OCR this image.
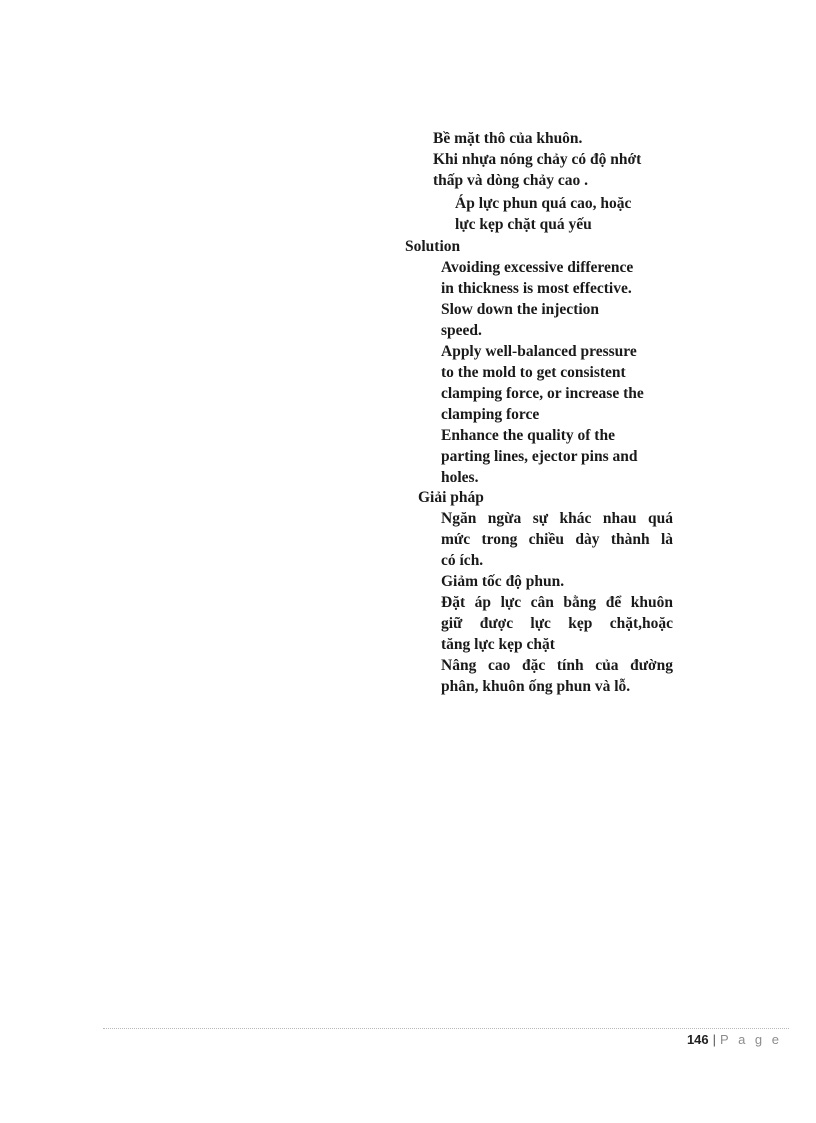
Bề mặt thô của khuôn.
Khi nhựa nóng chảy có độ nhớt
thấp và dòng chảy cao .
Áp lực phun quá cao, hoặc
lực kẹp chặt quá yếu
Solution
Avoiding excessive difference
in thickness is most effective.
Slow down the injection
speed.
Apply well-balanced pressure
to the mold to get consistent
clamping force, or increase the
clamping force
Enhance the quality of the
parting lines, ejector pins and
holes.
Giải pháp
Ngăn ngừa sự khác nhau quá
mức trong chiều dày thành là
có ích.
Giảm tốc độ phun.
Đặt áp lực cân bằng để khuôn
giữ được lực kẹp chặt,hoặc
tăng lực kẹp chặt
Nâng cao đặc tính của đường
phân, khuôn ống phun và lỗ.
146 | P a g e
